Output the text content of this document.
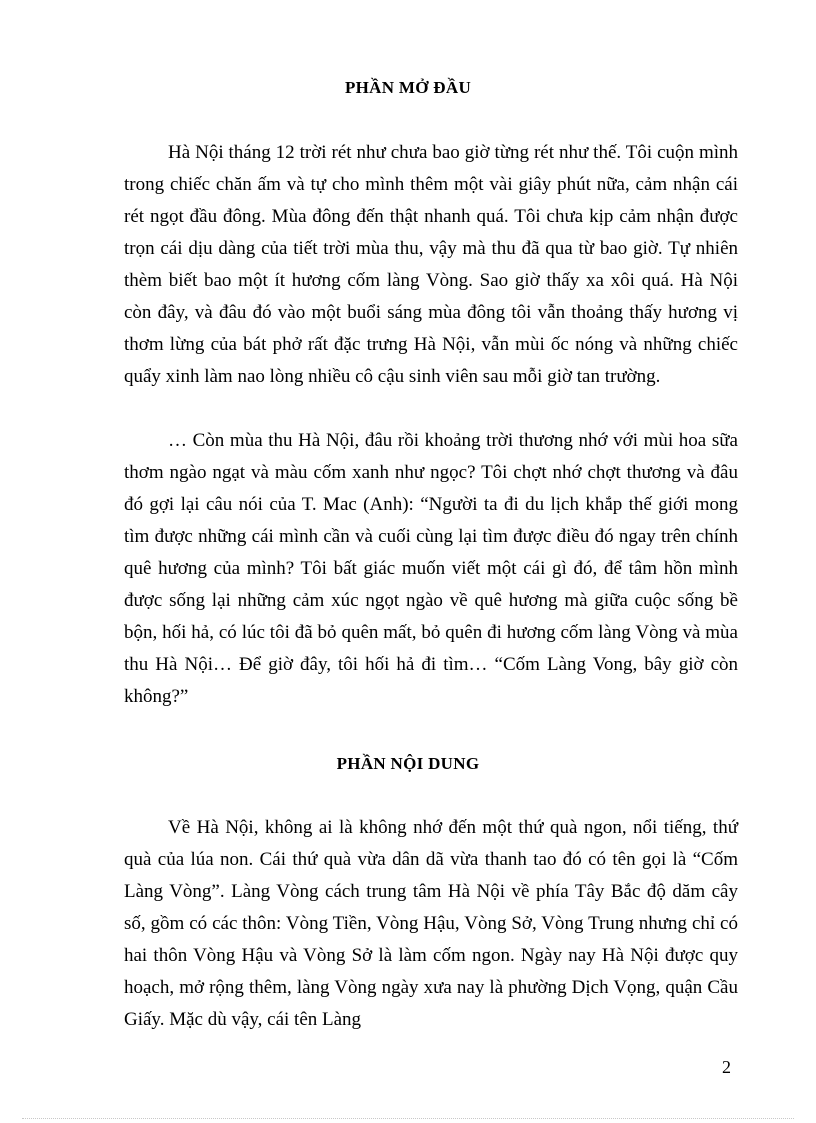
PHẦN MỞ ĐẦU

Hà Nội tháng 12 trời rét như chưa bao giờ từng rét như thế. Tôi cuộn mình trong chiếc chăn ấm và tự cho mình thêm một vài giây phút nữa, cảm nhận cái rét ngọt đầu đông. Mùa đông đến thật nhanh quá. Tôi chưa kịp cảm nhận được trọn cái dịu dàng của tiết trời mùa thu, vậy mà thu đã qua từ bao giờ. Tự nhiên thèm biết bao một ít hương cốm làng Vòng. Sao giờ thấy xa xôi quá. Hà Nội còn đây, và đâu đó vào một buổi sáng mùa đông tôi vẫn thoảng thấy hương vị thơm lừng của bát phở rất đặc trưng Hà Nội, vẫn mùi ốc nóng và những chiếc quẩy xinh làm nao lòng nhiều cô cậu sinh viên sau mỗi giờ tan trường.

… Còn mùa thu Hà Nội, đâu rồi khoảng trời thương nhớ với mùi hoa sữa thơm ngào ngạt và màu cốm xanh như ngọc? Tôi chợt nhớ chợt thương và đâu đó gợi lại câu nói của T. Mac (Anh): “Người ta đi du lịch khắp thế giới mong tìm được những cái mình cần và cuối cùng lại tìm được điều đó ngay trên chính quê hương của mình? Tôi bất giác muốn viết một cái gì đó, để tâm hồn mình được sống lại những cảm xúc ngọt ngào về quê hương mà giữa cuộc sống bề bộn, hối hả, có lúc tôi đã bỏ quên mất, bỏ quên đi hương cốm làng Vòng và mùa thu Hà Nội… Để giờ đây, tôi hối hả đi tìm… “Cốm Làng Vong, bây giờ còn không?”

PHẦN NỘI DUNG

Về Hà Nội, không ai là không nhớ đến một thứ quà ngon, nổi tiếng, thứ quà của lúa non. Cái thứ quà vừa dân dã vừa thanh tao đó có tên gọi là “Cốm Làng Vòng”. Làng Vòng cách trung tâm Hà Nội về phía Tây Bắc độ dăm cây số, gồm có các thôn: Vòng Tiền, Vòng Hậu, Vòng Sở, Vòng Trung nhưng chỉ có hai thôn Vòng Hậu và Vòng Sở là làm cốm ngon. Ngày nay Hà Nội được quy hoạch, mở rộng thêm, làng Vòng ngày xưa nay là phường Dịch Vọng, quận Cầu Giấy. Mặc dù vậy, cái tên Làng

2
